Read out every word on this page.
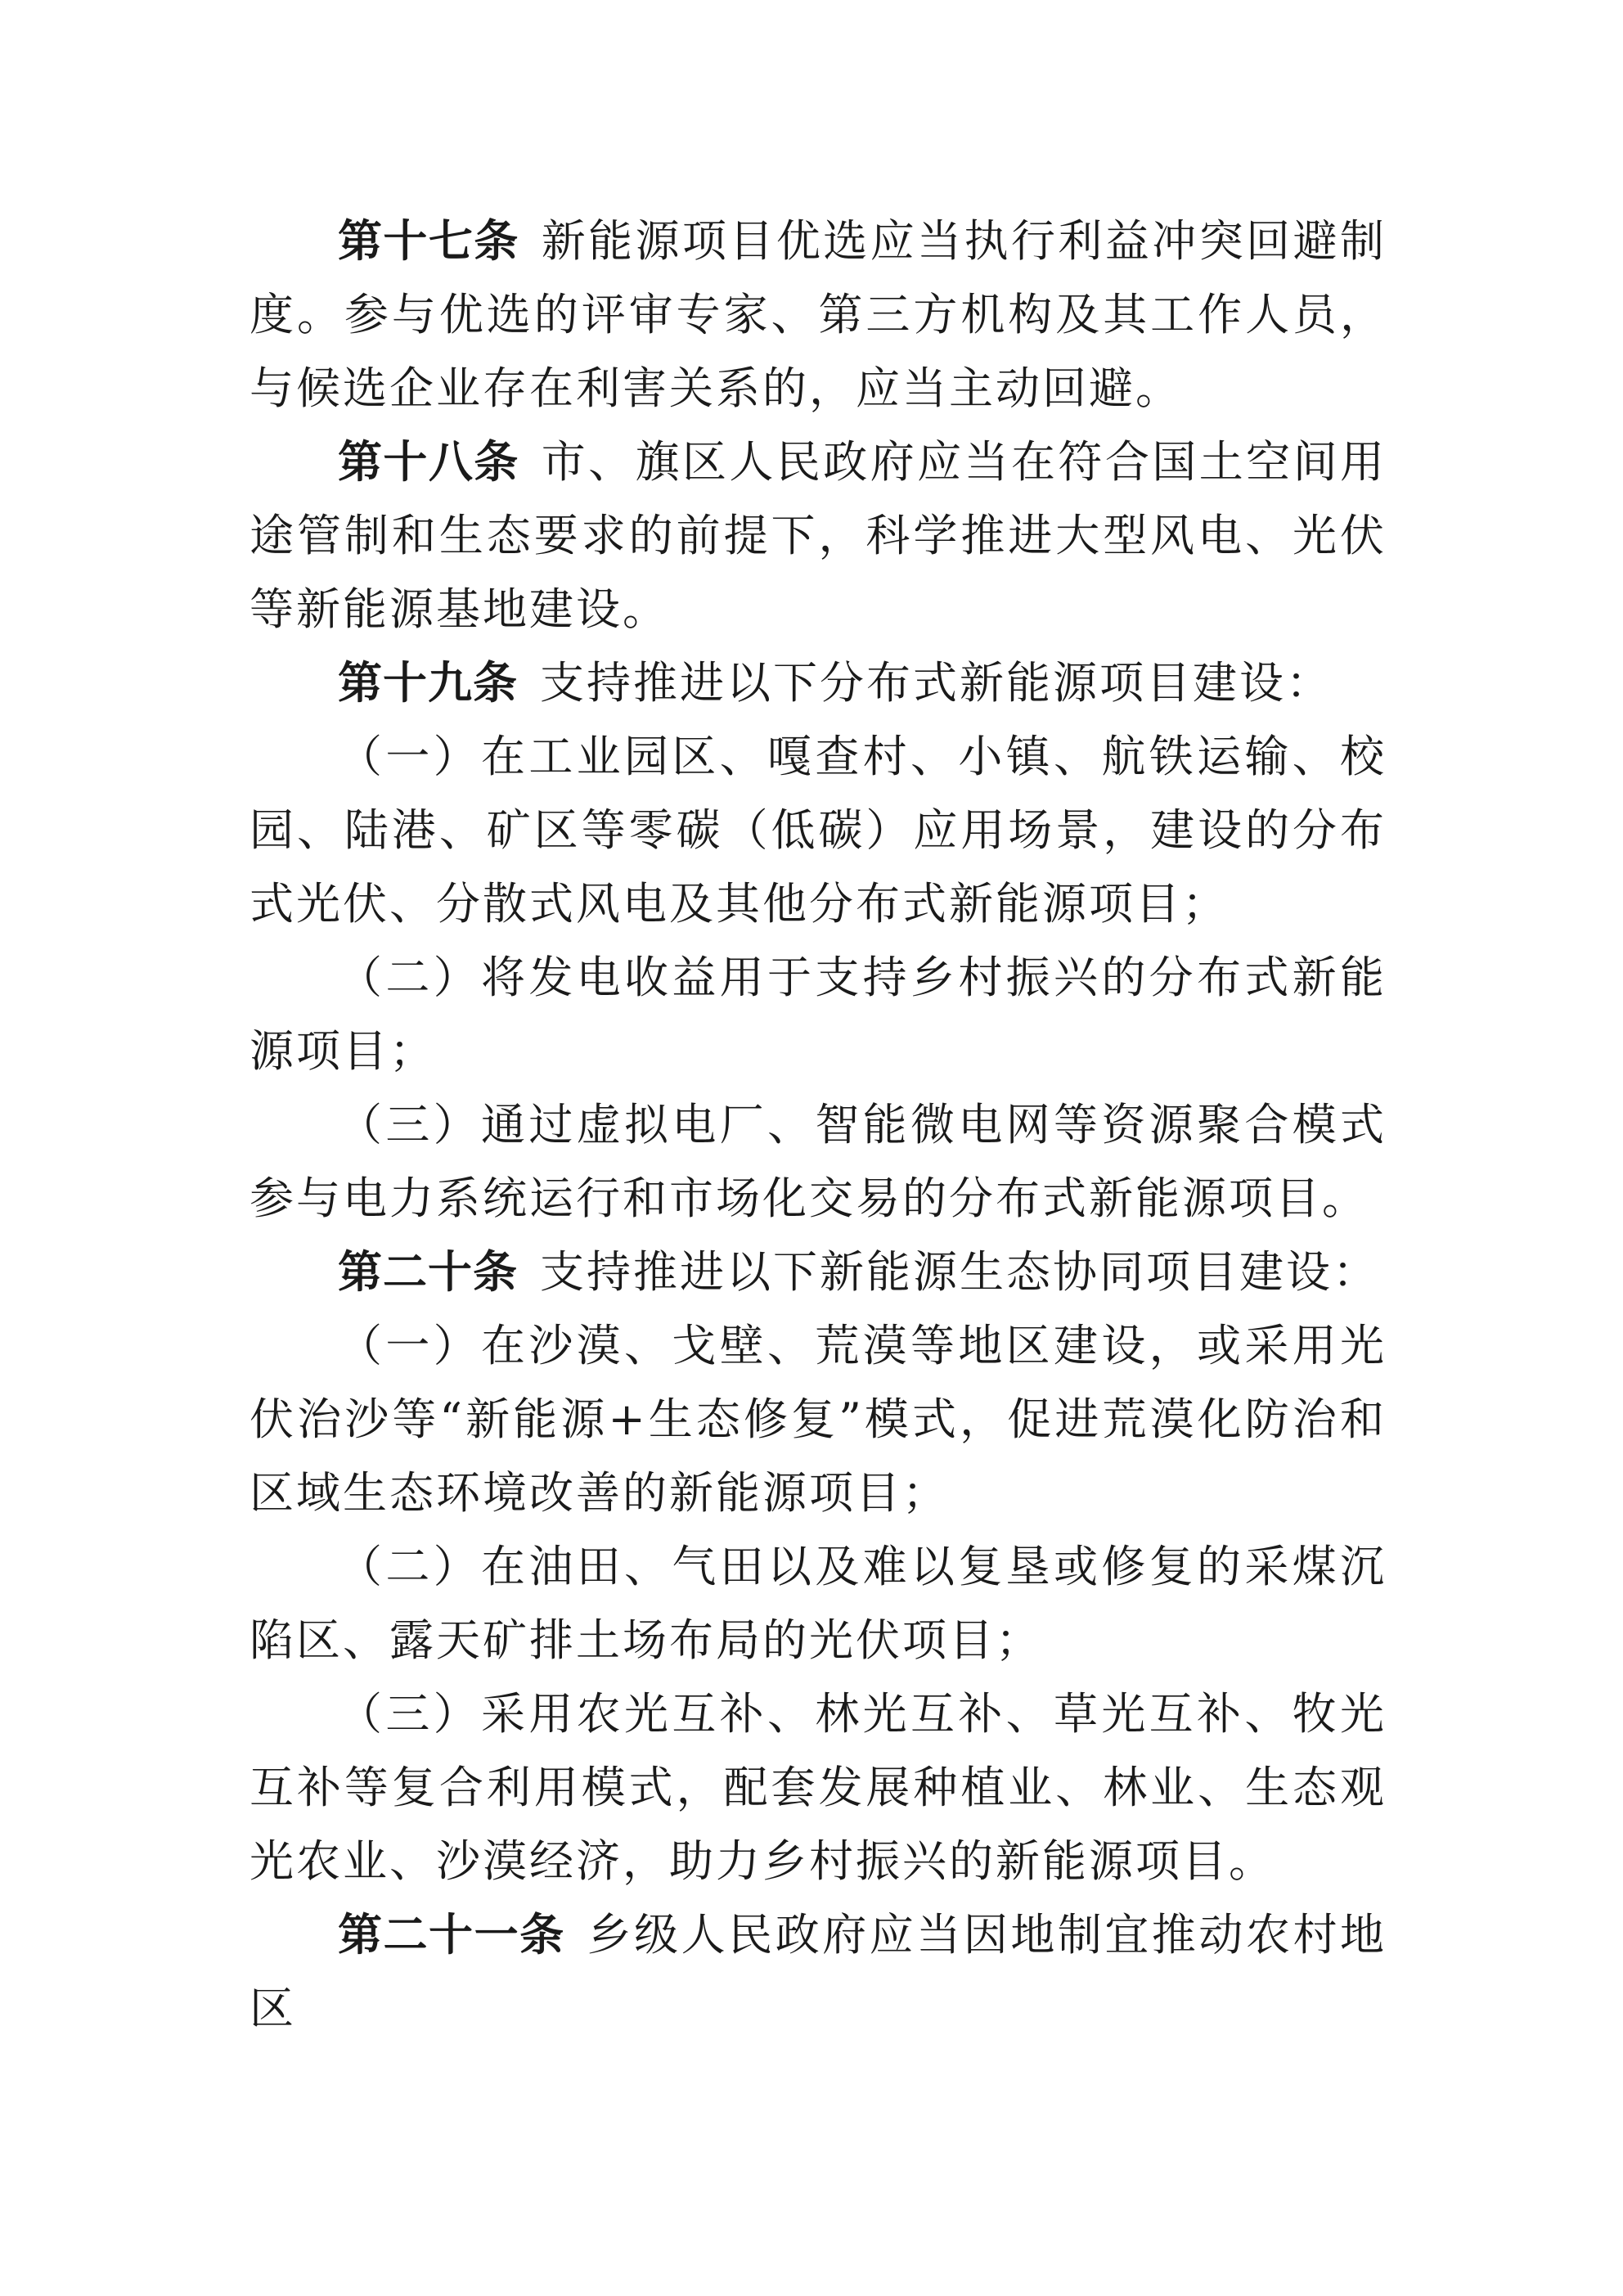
第十七条 新能源项目优选应当执行利益冲突回避制度。参与优选的评审专家、第三方机构及其工作人员，与候选企业存在利害关系的，应当主动回避。

第十八条 市、旗区人民政府应当在符合国土空间用途管制和生态要求的前提下，科学推进大型风电、光伏等新能源基地建设。

第十九条 支持推进以下分布式新能源项目建设：

（一）在工业园区、嘎查村、小镇、航铁运输、校园、陆港、矿区等零碳（低碳）应用场景，建设的分布式光伏、分散式风电及其他分布式新能源项目；

（二）将发电收益用于支持乡村振兴的分布式新能源项目；

（三）通过虚拟电厂、智能微电网等资源聚合模式参与电力系统运行和市场化交易的分布式新能源项目。

第二十条 支持推进以下新能源生态协同项目建设：

（一）在沙漠、戈壁、荒漠等地区建设，或采用光伏治沙等“新能源+生态修复”模式，促进荒漠化防治和区域生态环境改善的新能源项目；

（二）在油田、气田以及难以复垦或修复的采煤沉陷区、露天矿排土场布局的光伏项目；

（三）采用农光互补、林光互补、草光互补、牧光互补等复合利用模式，配套发展种植业、林业、生态观光农业、沙漠经济，助力乡村振兴的新能源项目。

第二十一条 乡级人民政府应当因地制宜推动农村地区
